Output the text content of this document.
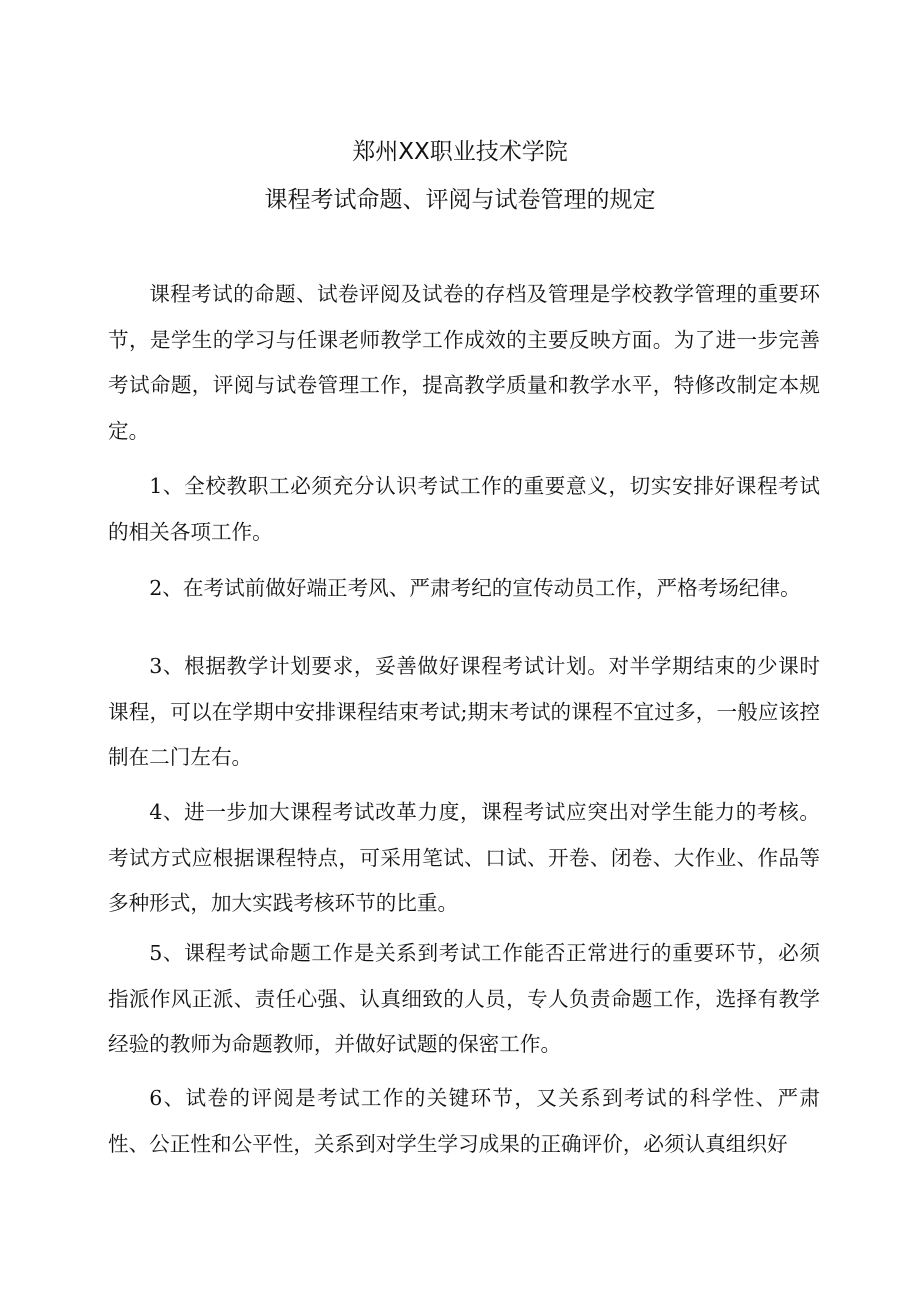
郑州XX职业技术学院
课程考试命题、评阅与试卷管理的规定

课程考试的命题、试卷评阅及试卷的存档及管理是学校教学管理的重要环节，是学生的学习与任课老师教学工作成效的主要反映方面。为了进一步完善考试命题，评阅与试卷管理工作，提高教学质量和教学水平，特修改制定本规定。

1、全校教职工必须充分认识考试工作的重要意义，切实安排好课程考试的相关各项工作。

2、在考试前做好端正考风、严肃考纪的宣传动员工作，严格考场纪律。

3、根据教学计划要求，妥善做好课程考试计划。对半学期结束的少课时课程，可以在学期中安排课程结束考试;期末考试的课程不宜过多，一般应该控制在二门左右。

4、进一步加大课程考试改革力度，课程考试应突出对学生能力的考核。考试方式应根据课程特点，可采用笔试、口试、开卷、闭卷、大作业、作品等多种形式，加大实践考核环节的比重。

5、课程考试命题工作是关系到考试工作能否正常进行的重要环节，必须指派作风正派、责任心强、认真细致的人员，专人负责命题工作，选择有教学经验的教师为命题教师，并做好试题的保密工作。

6、试卷的评阅是考试工作的关键环节，又关系到考试的科学性、严肃性、公正性和公平性，关系到对学生学习成果的正确评价，必须认真组织好
